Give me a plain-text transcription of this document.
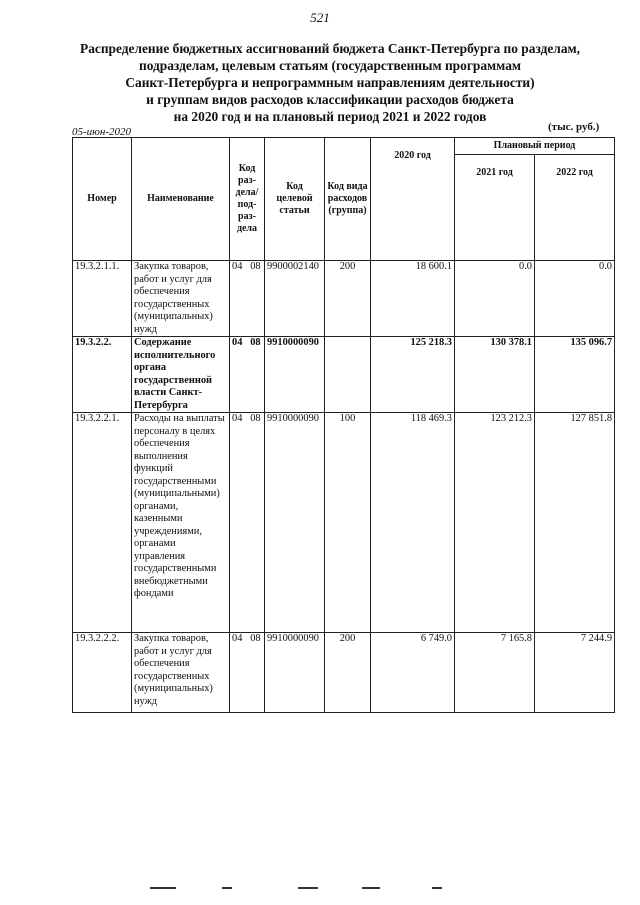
521
Распределение бюджетных ассигнований бюджета Санкт-Петербурга по разделам,
подразделам, целевым статьям (государственным программам
Санкт-Петербурга и непрограммным направлениям деятельности)
и группам видов расходов классификации расходов бюджета
на 2020 год и на плановый период 2021 и 2022 годов
05-июн-2020	(тыс. руб.)
Номер	Наименование	Код раз-дела/ под-раз-дела	Код целевой статьи	Код вида расходов (группа)	2020 год	Плановый период	
						2021 год	2022 год
19.3.2.1.1.	Закупка товаров, работ и услуг для обеспечения государственных (муниципальных) нужд	04 08	9900002140	200	18 600.1	0.0	0.0
19.3.2.2.	Содержание исполнительного органа государственной власти Санкт-Петербурга	04 08	9910000090		125 218.3	130 378.1	135 096.7
19.3.2.2.1.	Расходы на выплаты персоналу в целях обеспечения выполнения функций государственными (муниципальными) органами, казенными учреждениями, органами управления государственными внебюджетными фондами	04 08	9910000090	100	118 469.3	123 212.3	127 851.8
19.3.2.2.2.	Закупка товаров, работ и услуг для обеспечения государственных (муниципальных) нужд	04 08	9910000090	200	6 749.0	7 165.8	7 244.9
